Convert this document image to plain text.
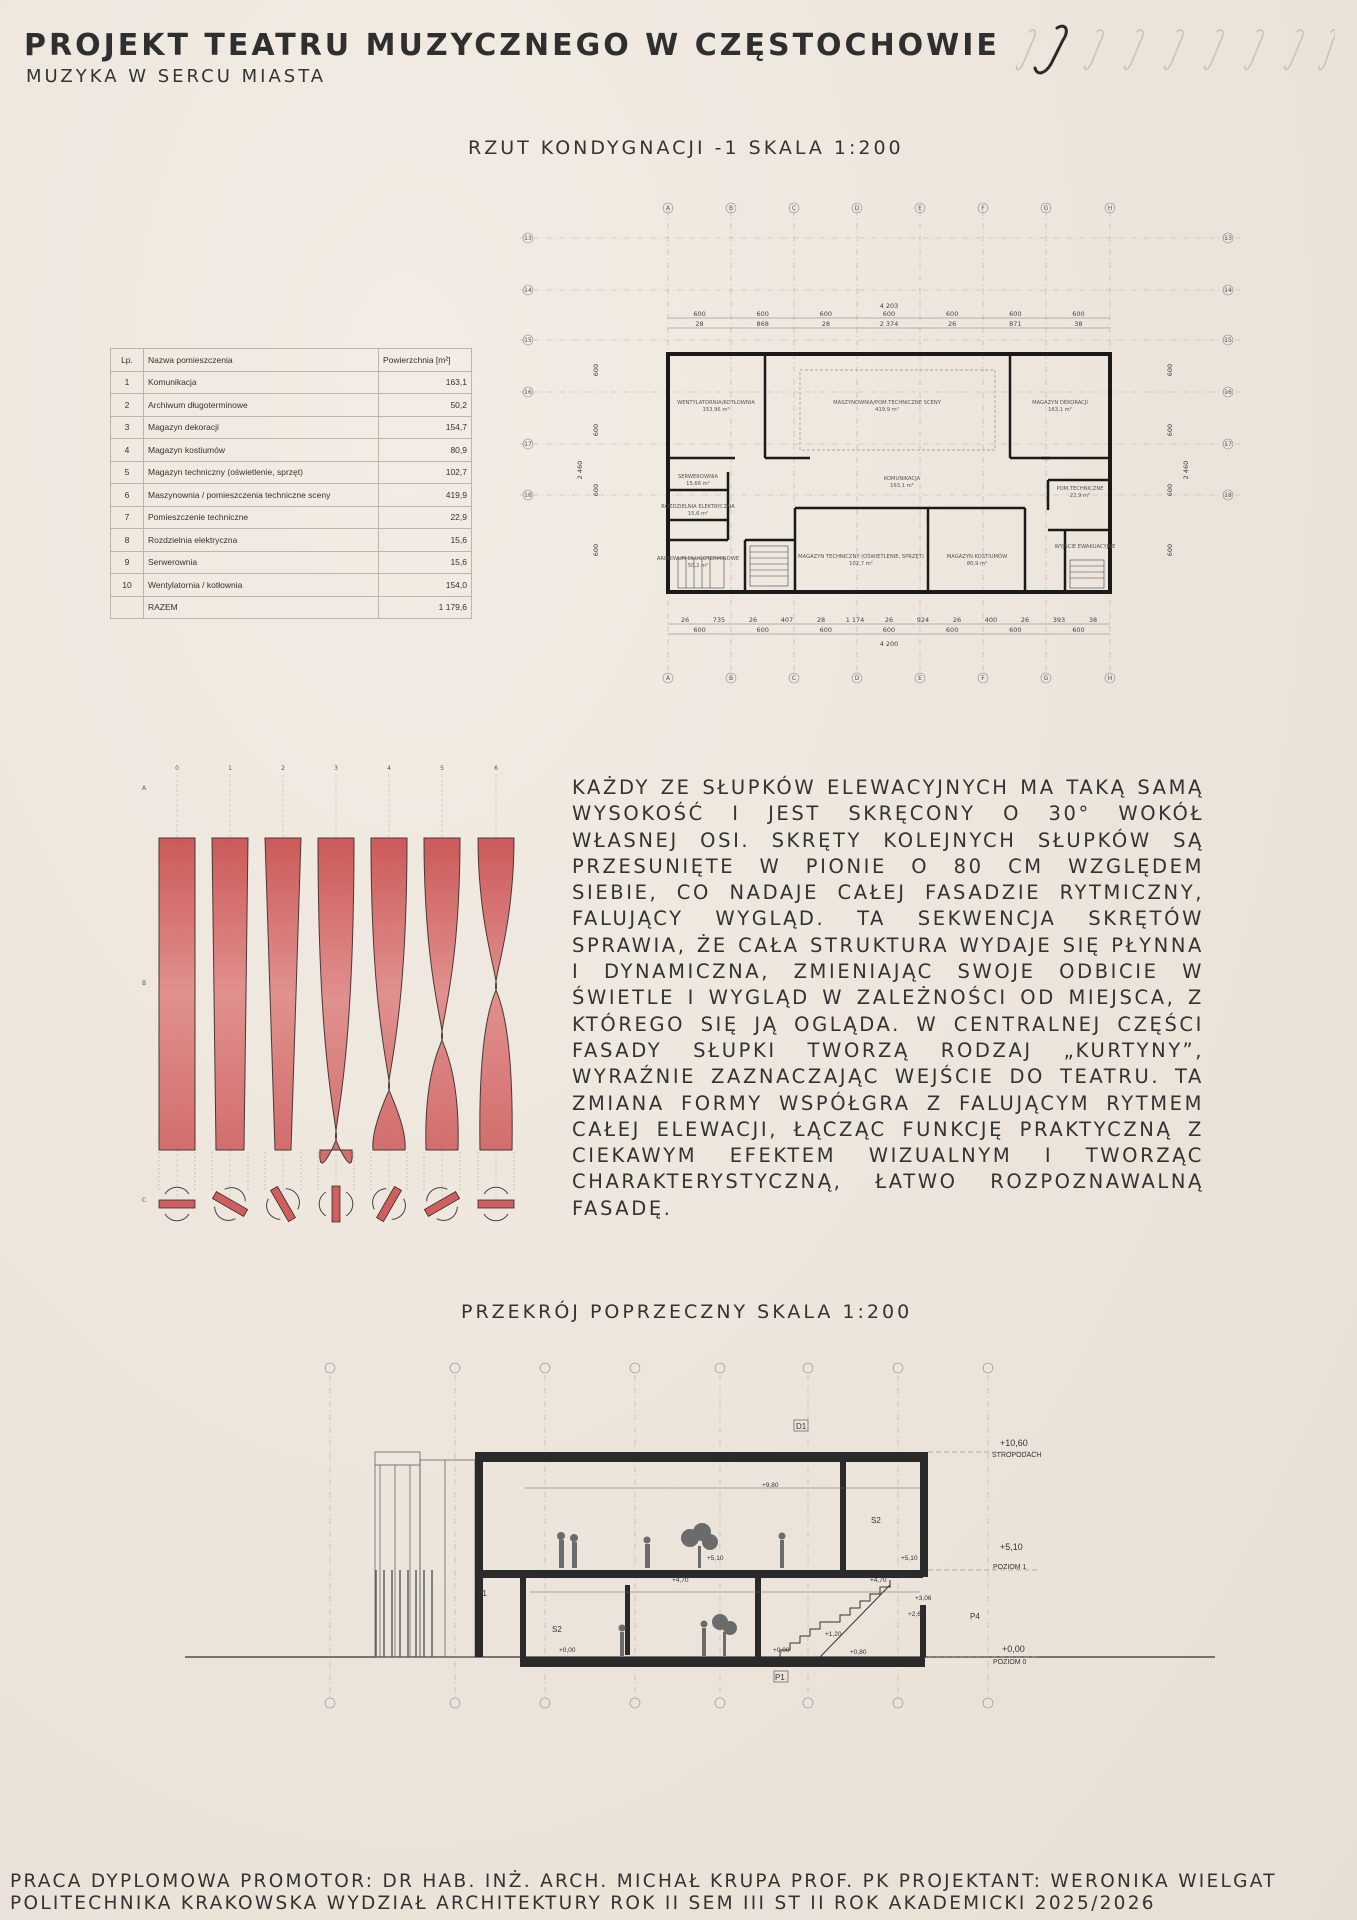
PROJEKT TEATRU MUZYCZNEGO W CZĘSTOCHOWIE
MUZYKA W SERCU MIASTA
RZUT KONDYGNACJI -1 SKALA 1:200
Lp.	Nazwa pomieszczenia	Powierzchnia [m²]
1	Komunikacja	163,1
2	Archiwum długoterminowe	50,2
3	Magazyn dekoracji	154,7
4	Magazyn kostiumów	80,9
5	Magazyn techniczny (oświetlenie, sprzęt)	102,7
6	Maszynownia / pomieszczenia techniczne sceny	419,9
7	Pomieszczenie techniczne	22,9
8	Rozdzielnia elektryczna	15,6
9	Serwerownia	15,6
10	Wentylatornia / kotłownia	154,0
	RAZEM	1 179,6
A
A
B
B
C
C
D
D
E
E
F
F
G
G
H
H
13	13
14	14
15	15
16	16
17	17
18	18
4 203
600	600	600	600	600	600	600
28	868	28	2 374	26	871	38
26	735	26	407	28	1 174	26	924	26	400	26	393	38
600	600	600	600	600	600	600
4 200
2 460
600
600
600
600
2 460
600
600
600
600
WENTYLATORNIA/KOTŁOWNIA
153,96 m²
MASZYNOWNIA/POM.TECHNICZNE SCENY
419,9 m²
MAGAZYN DEKORACJI
163,1 m²
SERWEROWNIA
15,66 m²
ROZDZIELNIA ELEKTRYCZNA
15,6 m²
KOMUNIKACJA
163,1 m²	POM.TECHNICZNE
22,9 m²
ARCHIWUM DŁUGOTERMINOWE
50,2 m²
MAGAZYN TECHNICZNY (OŚWIETLENIE, SPRZĘT)
102,7 m²
MAGAZYN KOSTIUMÓW
80,9 m²
WYJŚCIE EWAKUACYJNE
0	1	2	3	4	5	6
A
B
C
KAŻDY ZE SŁUPKÓW ELEWACYJNYCH MA TAKĄ SAMĄ WYSOKOŚĆ I JEST SKRĘCONY O 30° WOKÓŁ WŁASNEJ OSI. SKRĘTY KOLEJNYCH SŁUPKÓW SĄ PRZESUNIĘTE W PIONIE O 80 CM WZGLĘDEM SIEBIE, CO NADAJE CAŁEJ FASADZIE RYTMICZNY, FALUJĄCY WYGLĄD. TA SEKWENCJA SKRĘTÓW SPRAWIA, ŻE CAŁA STRUKTURA WYDAJE SIĘ PŁYNNA I DYNAMICZNA, ZMIENIAJĄC SWOJE ODBICIE W ŚWIETLE I WYGLĄD W ZALEŻNOŚCI OD MIEJSCA, Z KTÓREGO SIĘ JĄ OGLĄDA. W CENTRALNEJ CZĘŚCI FASADY SŁUPKI TWORZĄ RODZAJ „KURTYNY”, WYRAŹNIE ZAZNACZAJĄC WEJŚCIE DO TEATRU. TA ZMIANA FORMY WSPÓŁGRA Z FALUJĄCYM RYTMEM CAŁEJ ELEWACJI, ŁĄCZĄC FUNKCJĘ PRAKTYCZNĄ Z CIEKAWYM EFEKTEM WIZUALNYM I TWORZĄC CHARAKTERYSTYCZNĄ, ŁATWO ROZPOZNAWALNĄ FASADĘ.
PRZEKRÓJ POPRZECZNY SKALA 1:200
D1
P1
P4
S1
S2
S2
+10,60
STROPODACH
+5,10
POZIOM 1
+0,00
POZIOM 0
+9,80
+5,10	+5,10
+4,70	+4,70
+3,06
+2,66
+1,20
+0,00	+0,00	+0,80
PRACA DYPLOMOWA PROMOTOR: DR HAB. INŻ. ARCH. MICHAŁ KRUPA PROF. PK PROJEKTANT: WERONIKA WIELGAT
POLITECHNIKA KRAKOWSKA WYDZIAŁ ARCHITEKTURY ROK II SEM III ST II ROK AKADEMICKI 2025/2026
